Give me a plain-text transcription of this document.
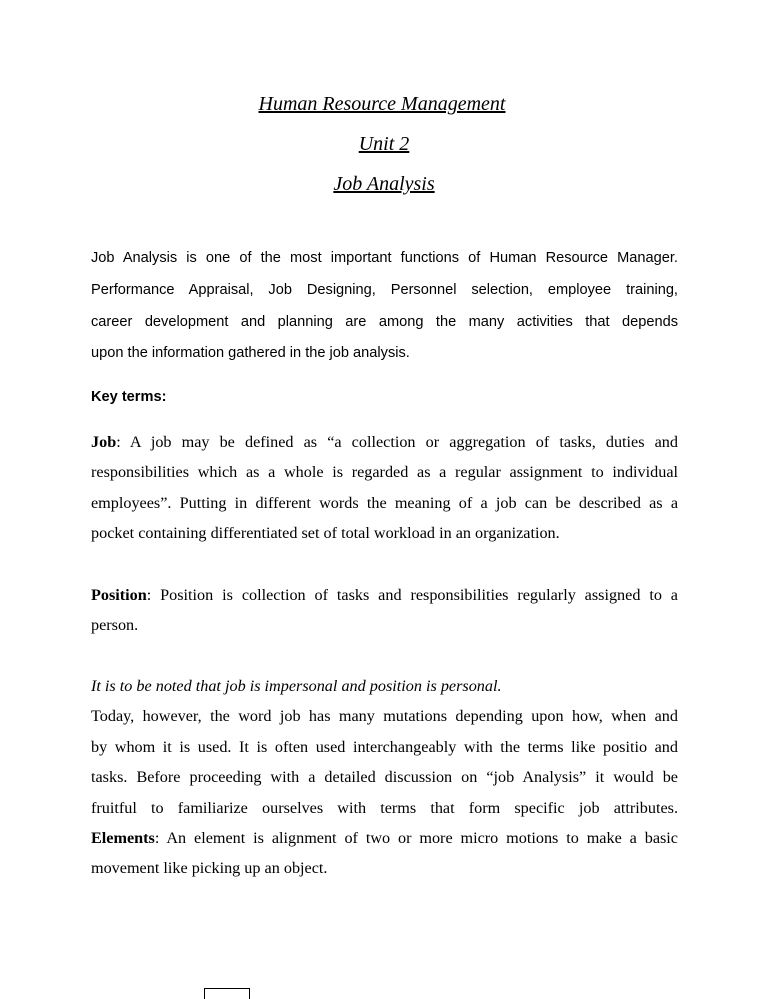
Human Resource Management
Unit 2
Job Analysis
Job Analysis is one of the most important functions of Human Resource Manager.
Performance Appraisal, Job Designing, Personnel selection, employee training,
career development and planning are among the many activities that depends
upon the information gathered in the job analysis.
Key terms:
Job: A job may be defined as “a collection or aggregation of tasks, duties and
responsibilities which as a whole is regarded as a regular assignment to individual
employees”. Putting in different words the meaning of a job can be described as a
pocket containing differentiated set of total workload in an organization.
Position: Position is collection of tasks and responsibilities regularly assigned to a
person.
It is to be noted that job is impersonal and position is personal.
Today, however, the word job has many mutations depending upon how, when and
by whom it is used. It is often used interchangeably with the terms like positio and
tasks. Before proceeding with a detailed discussion on “job Analysis” it would be
fruitful to familiarize ourselves with terms that form specific job attributes.
Elements: An element is alignment of two or more micro motions to make a basic
movement like picking up an object.
